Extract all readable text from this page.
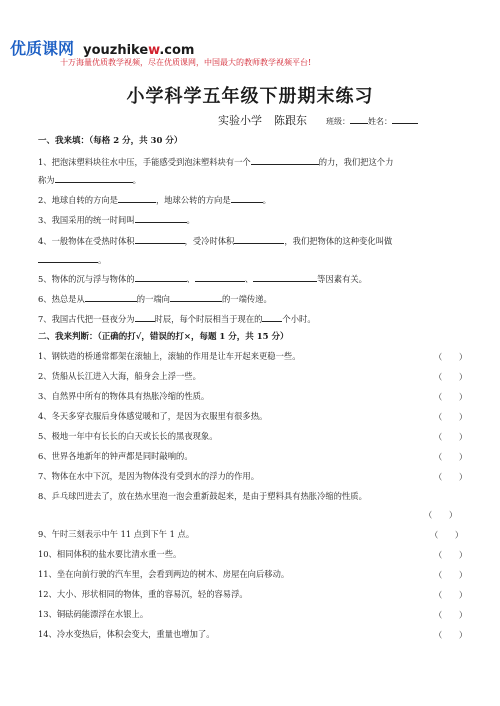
优质课网 youzhikew.com
十万海量优质教学视频，尽在优质课网，中国最大的教师教学视频平台!
小学科学五年级下册期末练习
实验小学 陈跟东 班级： 姓名：
一、我来填：（每格 2 分，共 30 分）
1、把泡沫塑料块往水中压，手能感受到泡沫塑料块有一个	的力，我们把这个力
称为	。
2、地球自转的方向是	，地球公转的方向是	。
3、我国采用的统一时间叫	。
4、一般物体在受热时体积	，受冷时体积	，我们把物体的这种变化叫做
。
5、物体的沉与浮与物体的	、	、	等因素有关。
6、热总是从	的一端向	的一端传递。
7、我国古代把一昼夜分为 时辰，每个时辰相当于现在的 个小时。
二、我来判断：（正确的打√，错误的打×，每题 1 分，共 15 分）
1、钢铁造的桥通常都架在滚轴上，滚轴的作用是让车开起来更稳一些。	（　　）
2、货船从长江进入大海，船身会上浮一些。	（　　）
3、自然界中所有的物体具有热胀冷缩的性质。	（　　）
4、冬天多穿衣服后身体感觉暖和了，是因为衣服里有很多热。	（　　）
5、极地一年中有长长的白天或长长的黑夜现象。	（　　）
6、世界各地新年的钟声都是同时敲响的。	（　　）
7、物体在水中下沉，是因为物体没有受到水的浮力的作用。	（　　）
8、乒乓球凹进去了，放在热水里泡一泡会重新鼓起来，是由于塑料具有热胀冷缩的性质。
（　　）
9、午时三刻表示中午 11 点到下午 1 点。	（　　）
10、相同体积的盐水要比清水重一些。	（　　）
11、坐在向前行驶的汽车里，会看到两边的树木、房屋在向后移动。	（　　）
12、大小、形状相同的物体，重的容易沉，轻的容易浮。	（　　）
13、铜砝码能漂浮在水银上。	（　　）
14、冷水变热后，体积会变大，重量也增加了。	（　　）
